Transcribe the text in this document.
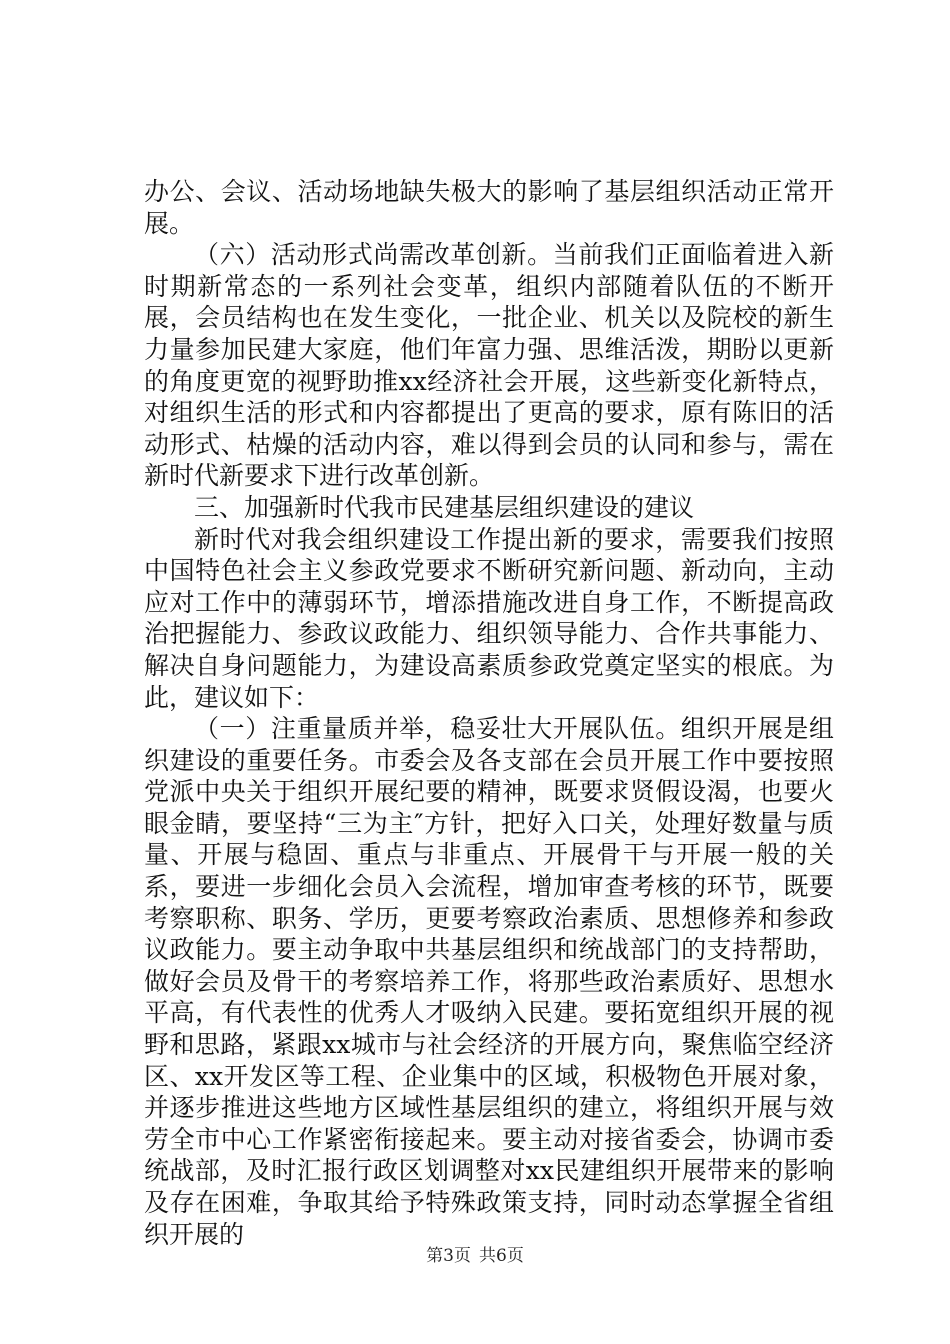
办公、会议、活动场地缺失极大的影响了基层组织活动正常开展。

（六）活动形式尚需改革创新。当前我们正面临着进入新时期新常态的一系列社会变革，组织内部随着队伍的不断开展，会员结构也在发生变化，一批企业、机关以及院校的新生力量参加民建大家庭，他们年富力强、思维活泼，期盼以更新的角度更宽的视野助推xx经济社会开展，这些新变化新特点，对组织生活的形式和内容都提出了更高的要求，原有陈旧的活动形式、枯燥的活动内容，难以得到会员的认同和参与，需在新时代新要求下进行改革创新。

三、加强新时代我市民建基层组织建设的建议

新时代对我会组织建设工作提出新的要求，需要我们按照中国特色社会主义参政党要求不断研究新问题、新动向，主动应对工作中的薄弱环节，增添措施改进自身工作，不断提高政治把握能力、参政议政能力、组织领导能力、合作共事能力、解决自身问题能力，为建设高素质参政党奠定坚实的根底。为此，建议如下：

（一）注重量质并举，稳妥壮大开展队伍。组织开展是组织建设的重要任务。市委会及各支部在会员开展工作中要按照党派中央关于组织开展纪要的精神，既要求贤假设渴，也要火眼金睛，要坚持“三为主″方针，把好入口关，处理好数量与质量、开展与稳固、重点与非重点、开展骨干与开展一般的关系，要进一步细化会员入会流程，增加审查考核的环节，既要考察职称、职务、学历，更要考察政治素质、思想修养和参政议政能力。要主动争取中共基层组织和统战部门的支持帮助，做好会员及骨干的考察培养工作，将那些政治素质好、思想水平高，有代表性的优秀人才吸纳入民建。要拓宽组织开展的视野和思路，紧跟xx城市与社会经济的开展方向，聚焦临空经济区、xx开发区等工程、企业集中的区域，积极物色开展对象，并逐步推进这些地方区域性基层组织的建立，将组织开展与效劳全市中心工作紧密衔接起来。要主动对接省委会，协调市委统战部，及时汇报行政区划调整对xx民建组织开展带来的影响及存在困难，争取其给予特殊政策支持，同时动态掌握全省组织开展的

第3页 共6页
